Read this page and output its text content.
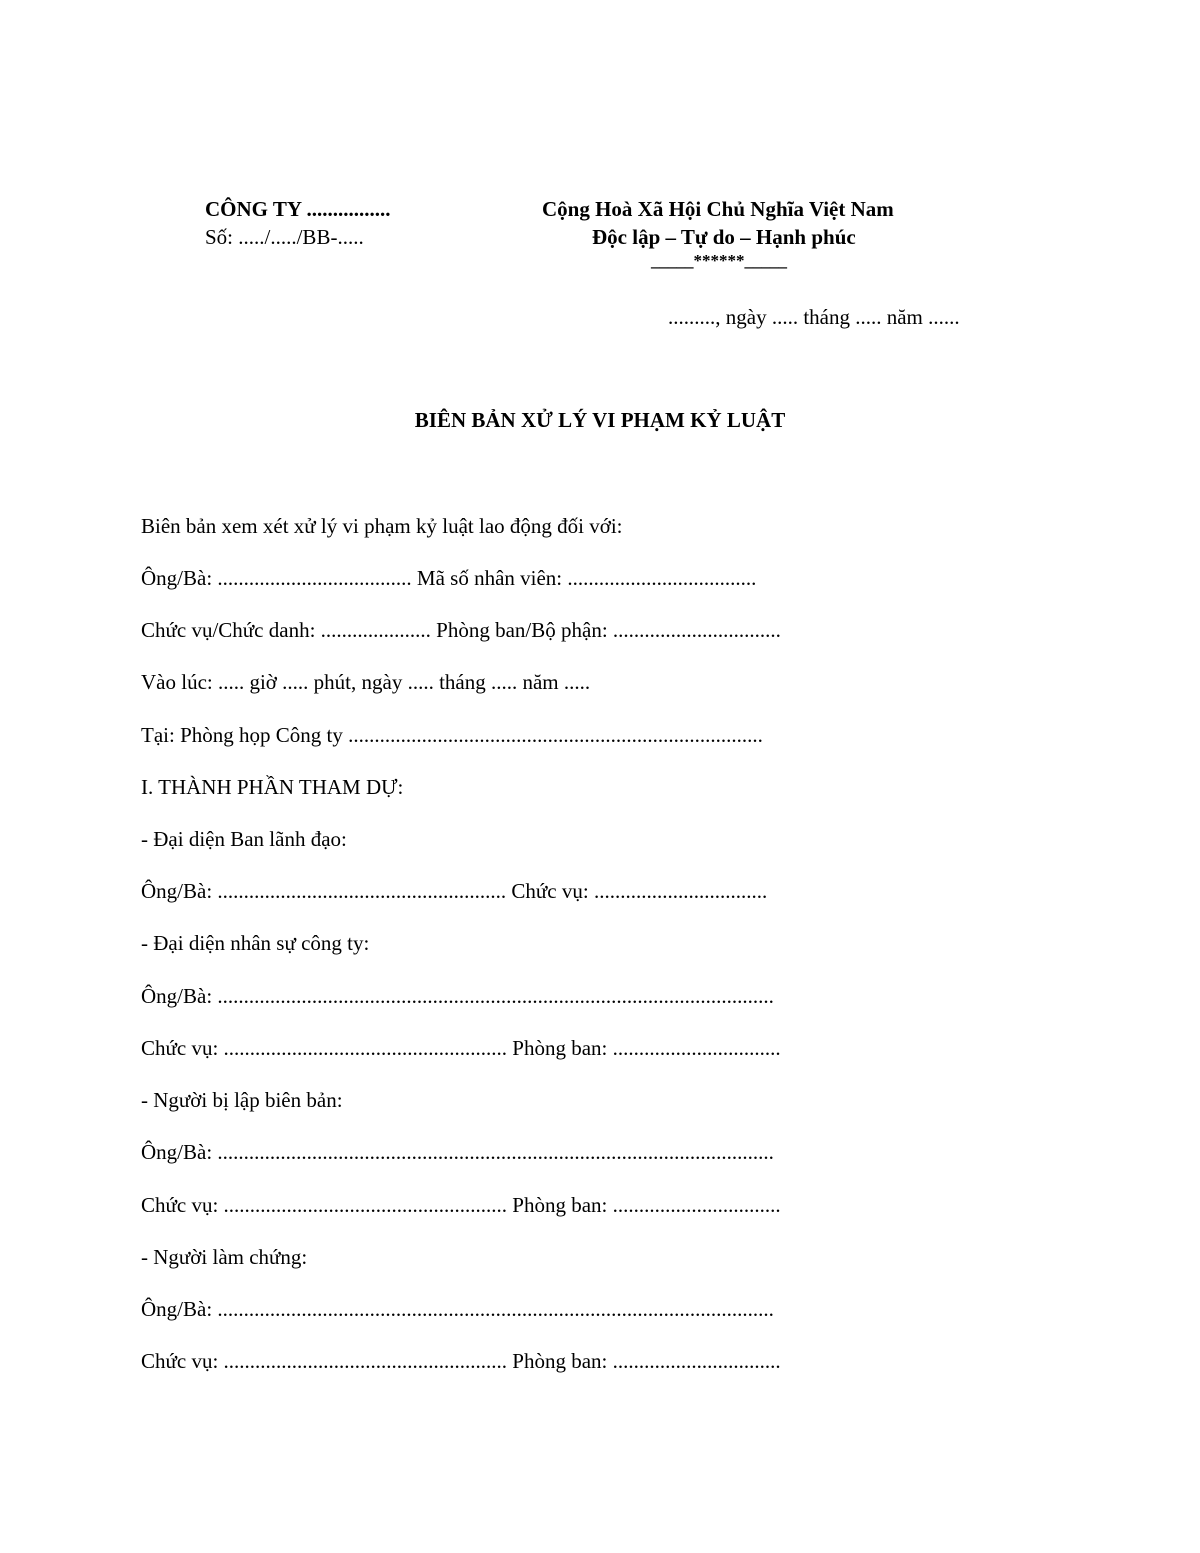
CÔNG TY ................
Số: ...../...../BB-.....
Cộng Hoà Xã Hội Chủ Nghĩa Việt Nam
Độc lập – Tự do – Hạnh phúc
_____******_____
........., ngày ..... tháng ..... năm ......
BIÊN BẢN XỬ LÝ VI PHẠM KỶ LUẬT
Biên bản xem xét xử lý vi phạm kỷ luật lao động đối với:
Ông/Bà: ..................................... Mã số nhân viên: ....................................
Chức vụ/Chức danh: ..................... Phòng ban/Bộ phận: ................................
Vào lúc: ..... giờ ..... phút, ngày ..... tháng ..... năm .....
Tại: Phòng họp Công ty ...............................................................................
I. THÀNH PHẦN THAM DỰ:
- Đại diện Ban lãnh đạo:
Ông/Bà: ....................................................... Chức vụ: .................................
- Đại diện nhân sự công ty:
Ông/Bà: ..........................................................................................................
Chức vụ: ...................................................... Phòng ban: ................................
- Người bị lập biên bản:
Ông/Bà: ..........................................................................................................
Chức vụ: ...................................................... Phòng ban: ................................
- Người làm chứng:
Ông/Bà: ..........................................................................................................
Chức vụ: ...................................................... Phòng ban: ................................
